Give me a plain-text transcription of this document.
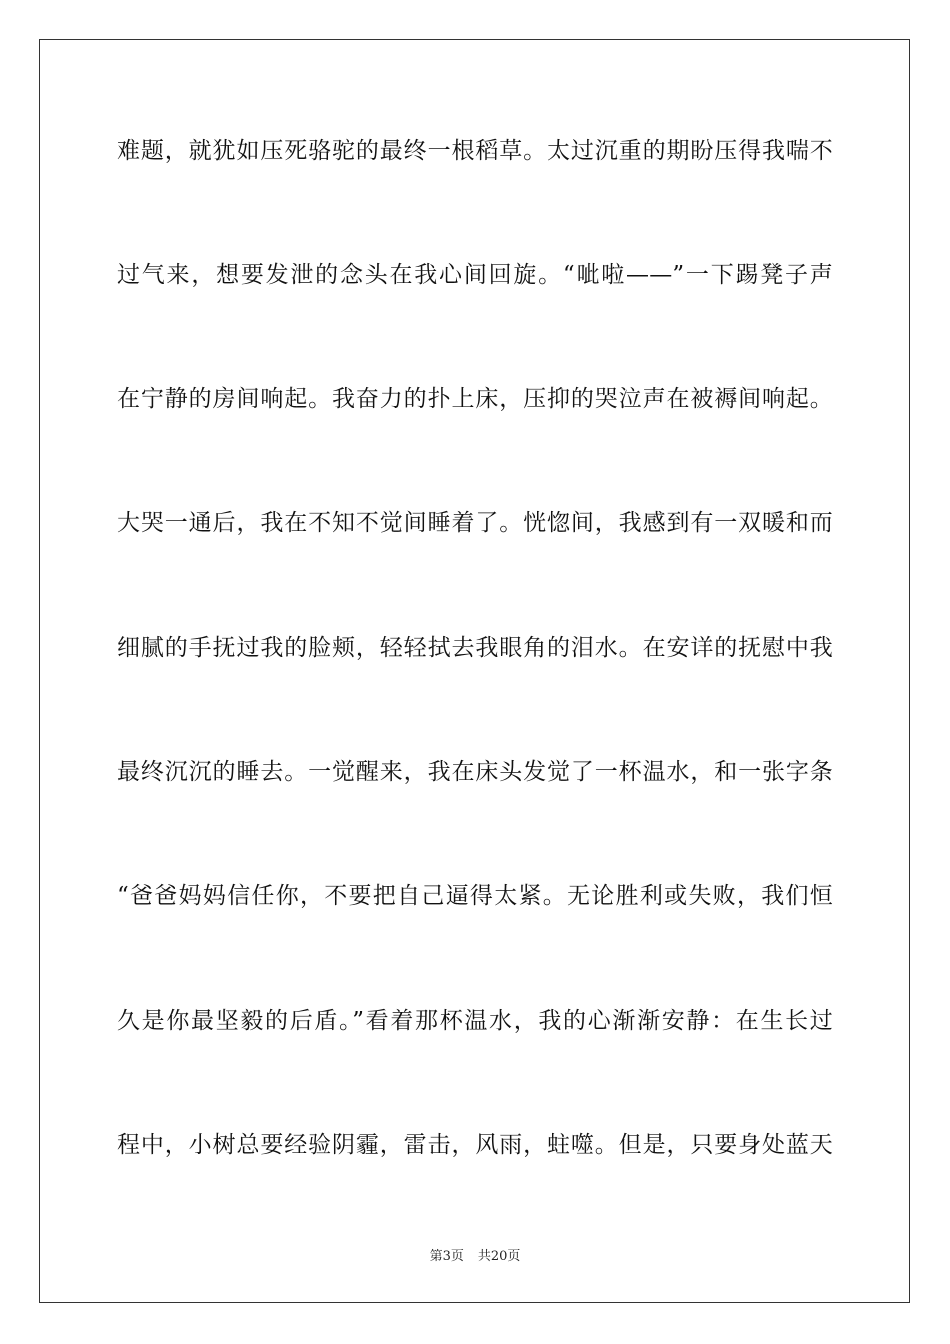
难题，就犹如压死骆驼的最终一根稻草。太过沉重的期盼压得我喘不
过气来，想要发泄的念头在我心间回旋。“呲啦——”一下踢凳子声
在宁静的房间响起。我奋力的扑上床，压抑的哭泣声在被褥间响起。
大哭一通后，我在不知不觉间睡着了。恍惚间，我感到有一双暖和而
细腻的手抚过我的脸颊，轻轻拭去我眼角的泪水。在安详的抚慰中我
最终沉沉的睡去。一觉醒来，我在床头发觉了一杯温水，和一张字条
“爸爸妈妈信任你，不要把自己逼得太紧。无论胜利或失败，我们恒
久是你最坚毅的后盾。”看着那杯温水，我的心渐渐安静：在生长过
程中，小树总要经验阴霾，雷击，风雨，蛀噬。但是，只要身处蓝天
第3页 共20页
